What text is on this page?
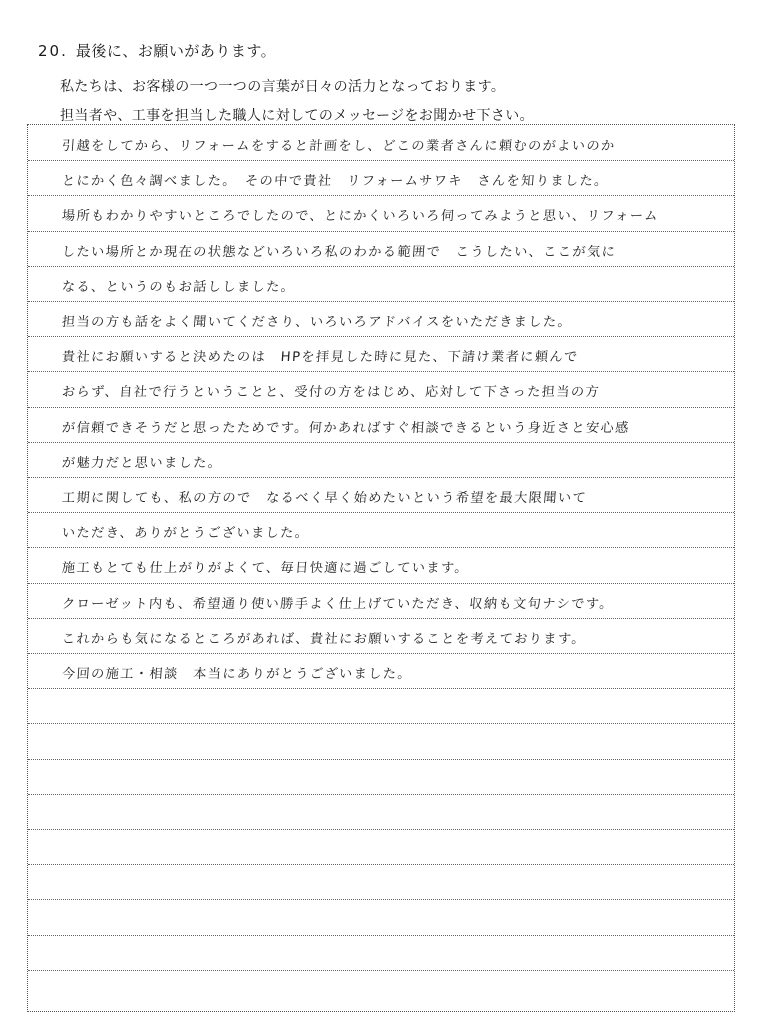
20. 最後に、お願いがあります。
私たちは、お客様の一つ一つの言葉が日々の活力となっております。
担当者や、工事を担当した職人に対してのメッセージをお聞かせ下さい。
引越をしてから、リフォームをすると計画をし、どこの業者さんに頼むのがよいのか
とにかく色々調べました。　その中で貴社　リフォームサワキ　さんを知りました。
場所もわかりやすいところでしたので、とにかくいろいろ伺ってみようと思い、リフォーム
したい場所とか現在の状態などいろいろ私のわかる範囲で　こうしたい、ここが気に
なる、というのもお話ししました。
担当の方も話をよく聞いてくださり、いろいろアドバイスをいただきました。
貴社にお願いすると決めたのは　HPを拝見した時に見た、下請け業者に頼んで
おらず、自社で行うということと、受付の方をはじめ、応対して下さった担当の方
が信頼できそうだと思ったためです。何かあればすぐ相談できるという身近さと安心感
が魅力だと思いました。
工期に関しても、私の方ので　なるべく早く始めたいという希望を最大限聞いて
いただき、ありがとうございました。
施工もとても仕上がりがよくて、毎日快適に過ごしています。
クローゼット内も、希望通り使い勝手よく仕上げていただき、収納も文句ナシです。
これからも気になるところがあれば、貴社にお願いすることを考えております。
今回の施工・相談　本当にありがとうございました。
